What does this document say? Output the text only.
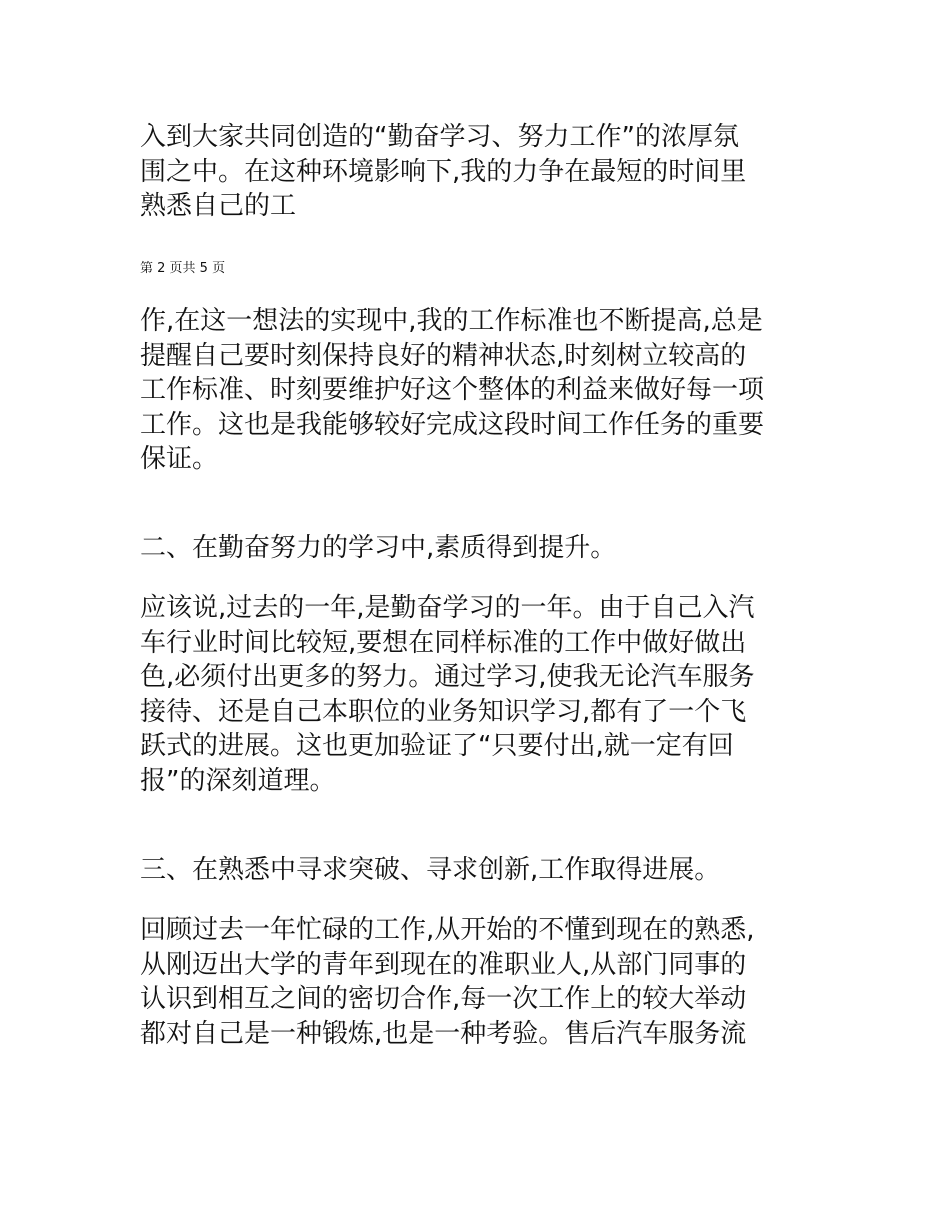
入到大家共同创造的“勤奋学习、努力工作”的浓厚氛
围之中。在这种环境影响下,我的力争在最短的时间里
熟悉自己的工
第 2 页共 5 页
作,在这一想法的实现中,我的工作标准也不断提高,总是
提醒自己要时刻保持良好的精神状态,时刻树立较高的
工作标准、时刻要维护好这个整体的利益来做好每一项
工作。这也是我能够较好完成这段时间工作任务的重要
保证。
二、在勤奋努力的学习中,素质得到提升。
应该说,过去的一年,是勤奋学习的一年。由于自己入汽
车行业时间比较短,要想在同样标准的工作中做好做出
色,必须付出更多的努力。通过学习,使我无论汽车服务
接待、还是自己本职位的业务知识学习,都有了一个飞
跃式的进展。这也更加验证了“只要付出,就一定有回
报”的深刻道理。
三、在熟悉中寻求突破、寻求创新,工作取得进展。
回顾过去一年忙碌的工作,从开始的不懂到现在的熟悉,
从刚迈出大学的青年到现在的准职业人,从部门同事的
认识到相互之间的密切合作,每一次工作上的较大举动
都对自己是一种锻炼,也是一种考验。售后汽车服务流
